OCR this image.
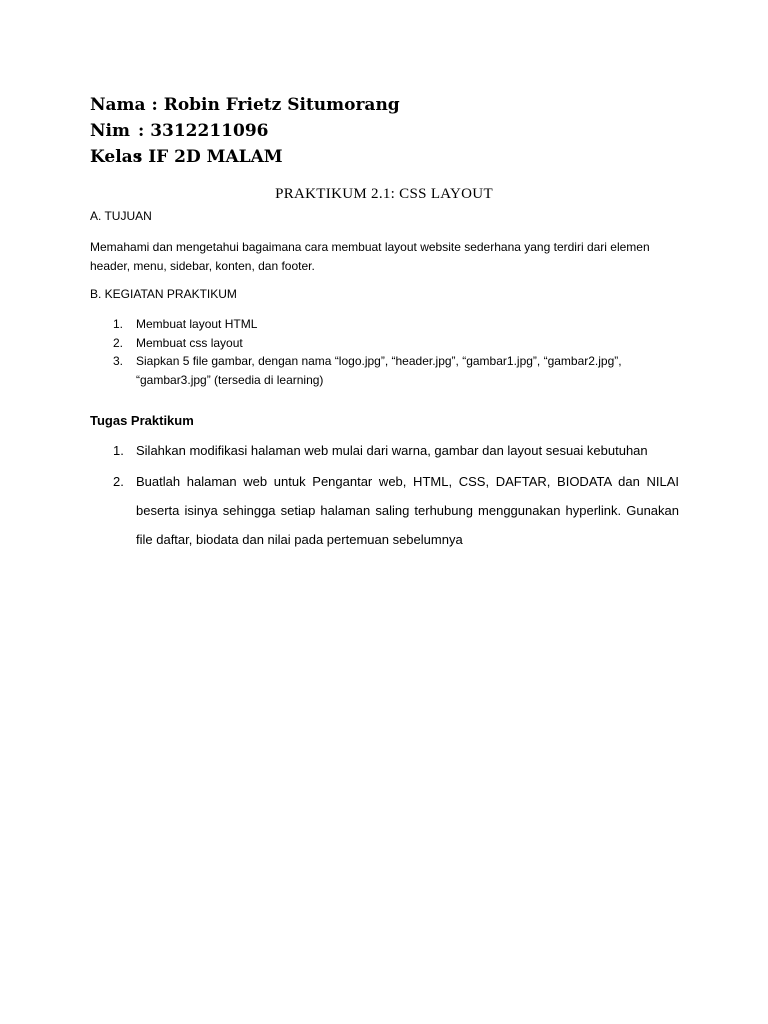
Nama :
Robin Frietz Situmorang
Nim : 3312211096
Kelas
: IF 2D MALAM
PRAKTIKUM 2.1: CSS LAYOUT
A. TUJUAN
Memahami dan mengetahui bagaimana cara membuat layout website sederhana yang terdiri dari elemen header, menu, sidebar, konten, dan footer.
B. KEGIATAN PRAKTIKUM
1.	Membuat layout HTML
2.	Membuat css layout
3.	Siapkan 5 file gambar, dengan nama “logo.jpg”, “header.jpg”, “gambar1.jpg”, “gambar2.jpg”, “gambar3.jpg” (tersedia di learning)
Tugas Praktikum
1. Silahkan modifikasi halaman web mulai dari warna, gambar dan layout sesuai kebutuhan
2. Buatlah halaman web untuk Pengantar web, HTML, CSS, DAFTAR, BIODATA dan NILAI beserta isinya sehingga setiap halaman saling terhubung menggunakan hyperlink. Gunakan file daftar, biodata dan nilai pada pertemuan sebelumnya
